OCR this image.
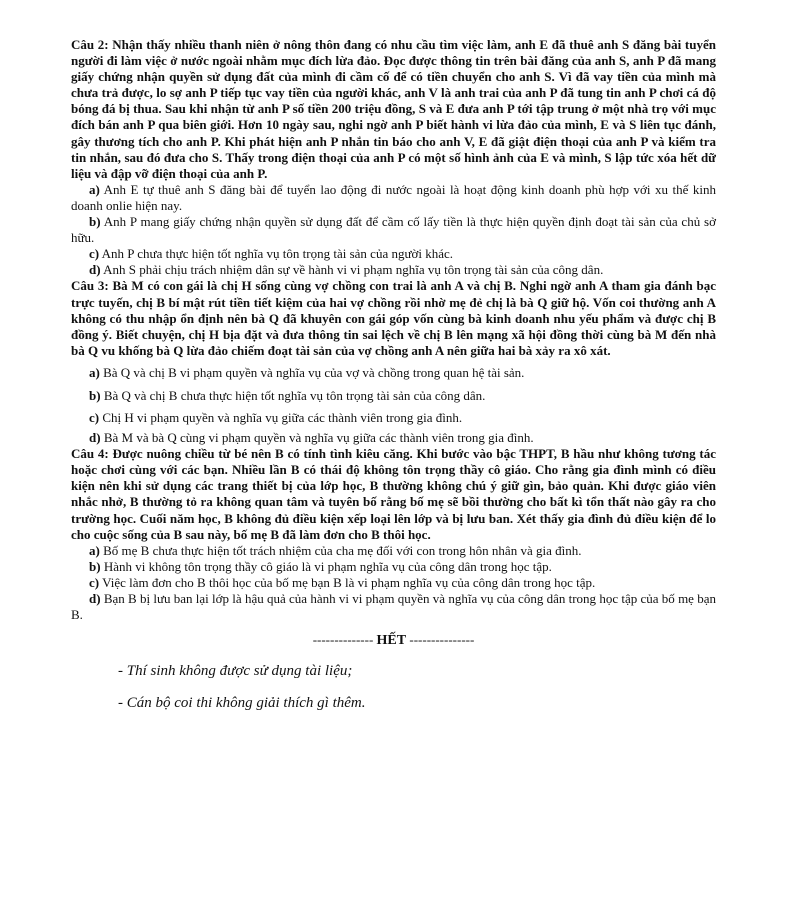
Câu 2: Nhận thấy nhiều thanh niên ở nông thôn đang có nhu cầu tìm việc làm, anh E đã thuê anh S đăng bài tuyển người đi làm việc ở nước ngoài nhằm mục đích lừa đảo. Đọc được thông tin trên bài đăng của anh S, anh P đã mang giấy chứng nhận quyền sử dụng đất của mình đi cầm cố để có tiền chuyển cho anh S. Vì đã vay tiền của mình mà chưa trả được, lo sợ anh P tiếp tục vay tiền của người khác, anh V là anh trai của anh P đã tung tin anh P chơi cá độ bóng đá bị thua. Sau khi nhận từ anh P số tiền 200 triệu đồng, S và E đưa anh P tới tập trung ở một nhà trọ với mục đích bán anh P qua biên giới. Hơn 10 ngày sau, nghi ngờ anh P biết hành vi lừa đảo của mình, E và S liên tục đánh, gây thương tích cho anh P. Khi phát hiện anh P nhắn tin báo cho anh V, E đã giật điện thoại của anh P và kiểm tra tin nhắn, sau đó đưa cho S. Thấy trong điện thoại của anh P có một số hình ảnh của E và mình, S lập tức xóa hết dữ liệu và đập vỡ điện thoại của anh P.

a) Anh E tự thuê anh S đăng bài để tuyển lao động đi nước ngoài là hoạt động kinh doanh phù hợp với xu thế kinh doanh onlie hiện nay.

b) Anh P mang giấy chứng nhận quyền sử dụng đất để cầm cố lấy tiền là thực hiện quyền định đoạt tài sản của chủ sở hữu.

c) Anh P chưa thực hiện tốt nghĩa vụ tôn trọng tài sản của người khác.

d) Anh S phải chịu trách nhiệm dân sự về hành vi vi phạm nghĩa vụ tôn trọng tài sản của công dân.

Câu 3: Bà M có con gái là chị H sống cùng vợ chồng con trai là anh A và chị B. Nghi ngờ anh A tham gia đánh bạc trực tuyến, chị B bí mật rút tiền tiết kiệm của hai vợ chồng rồi nhờ mẹ đẻ chị là bà Q giữ hộ. Vốn coi thường anh A không có thu nhập ổn định nên bà Q đã khuyên con gái góp vốn cùng bà kinh doanh nhu yếu phẩm và được chị B đồng ý. Biết chuyện, chị H bịa đặt và đưa thông tin sai lệch về chị B lên mạng xã hội đồng thời cùng bà M đến nhà bà Q vu khống bà Q lừa đảo chiếm đoạt tài sản của vợ chồng anh A nên giữa hai bà xảy ra xô xát.

a) Bà Q và chị B vi phạm quyền và nghĩa vụ của vợ và chồng trong quan hệ tài sản.

b) Bà Q và chị B chưa thực hiện tốt nghĩa vụ tôn trọng tài sản của công dân.

c) Chị H vi phạm quyền và nghĩa vụ giữa các thành viên trong gia đình.

d) Bà M và bà Q cùng vi phạm quyền và nghĩa vụ giữa các thành viên trong gia đình.

Câu 4: Được nuông chiều từ bé nên B có tính tình kiêu căng. Khi bước vào bậc THPT, B hầu như không tương tác hoặc chơi cùng với các bạn. Nhiều lần B có thái độ không tôn trọng thầy cô giáo. Cho rằng gia đình mình có điều kiện nên khi sử dụng các trang thiết bị của lớp học, B thường không chú ý giữ gìn, bảo quản. Khi được giáo viên nhắc nhở, B thường tỏ ra không quan tâm và tuyên bố rằng bố mẹ sẽ bồi thường cho bất kì tổn thất nào gây ra cho trường học. Cuối năm học, B không đủ điều kiện xếp loại lên lớp và bị lưu ban. Xét thấy gia đình đủ điều kiện để lo cho cuộc sống của B sau này, bố mẹ B đã làm đơn cho B thôi học.

a) Bố mẹ B chưa thực hiện tốt trách nhiệm của cha mẹ đối với con trong hôn nhân và gia đình.

b) Hành vi không tôn trọng thầy cô giáo là vi phạm nghĩa vụ của công dân trong học tập.

c) Việc làm đơn cho B thôi học của bố mẹ bạn B là vi phạm nghĩa vụ của công dân trong học tập.

d) Bạn B bị lưu ban lại lớp là hậu quả của hành vi vi phạm quyền và nghĩa vụ của công dân trong học tập của bố mẹ bạn B.

-------------- HẾT ---------------

- Thí sinh không được sử dụng tài liệu;

- Cán bộ coi thi không giải thích gì thêm.
